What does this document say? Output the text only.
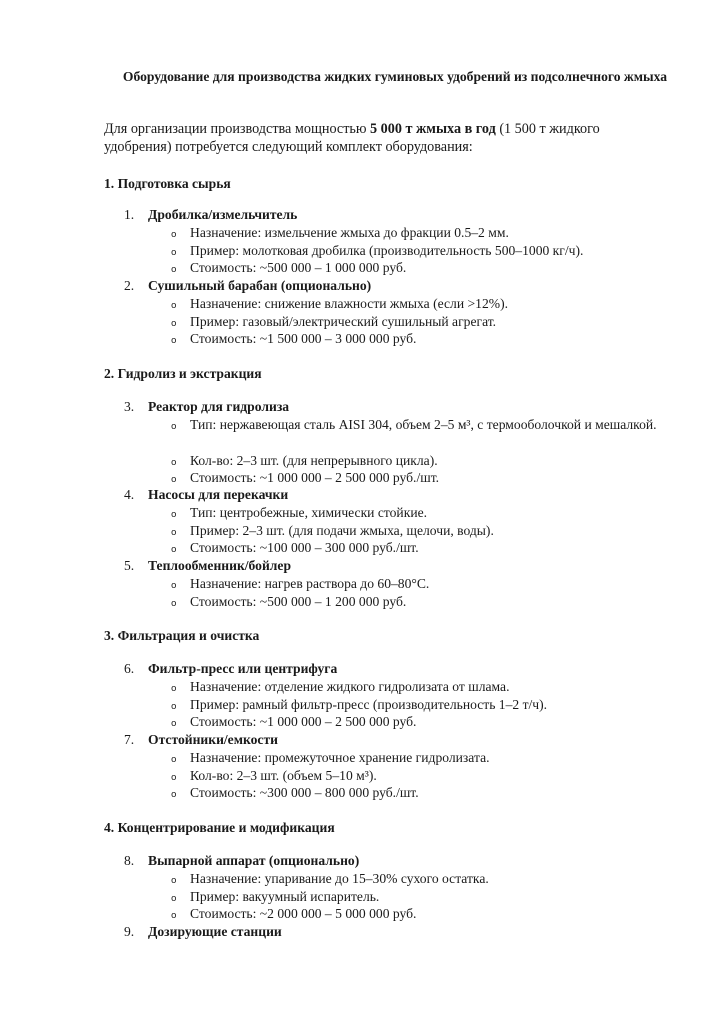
Оборудование для производства жидких гуминовых удобрений из подсолнечного жмыха
Для организации производства мощностью 5 000 т жмыха в год (1 500 т жидкого удобрения) потребуется следующий комплект оборудования:
1. Подготовка сырья
1. Дробилка/измельчитель
o Назначение: измельчение жмыха до фракции 0.5–2 мм.
o Пример: молотковая дробилка (производительность 500–1000 кг/ч).
o Стоимость: ~500 000 – 1 000 000 руб.
2. Сушильный барабан (опционально)
o Назначение: снижение влажности жмыха (если >12%).
o Пример: газовый/электрический сушильный агрегат.
o Стоимость: ~1 500 000 – 3 000 000 руб.
2. Гидролиз и экстракция
3. Реактор для гидролиза
o Тип: нержавеющая сталь AISI 304, объем 2–5 м³, с термооболочкой и мешалкой.
o Кол-во: 2–3 шт. (для непрерывного цикла).
o Стоимость: ~1 000 000 – 2 500 000 руб./шт.
4. Насосы для перекачки
o Тип: центробежные, химически стойкие.
o Пример: 2–3 шт. (для подачи жмыха, щелочи, воды).
o Стоимость: ~100 000 – 300 000 руб./шт.
5. Теплообменник/бойлер
o Назначение: нагрев раствора до 60–80°C.
o Стоимость: ~500 000 – 1 200 000 руб.
3. Фильтрация и очистка
6. Фильтр-пресс или центрифуга
o Назначение: отделение жидкого гидролизата от шлама.
o Пример: рамный фильтр-пресс (производительность 1–2 т/ч).
o Стоимость: ~1 000 000 – 2 500 000 руб.
7. Отстойники/емкости
o Назначение: промежуточное хранение гидролизата.
o Кол-во: 2–3 шт. (объем 5–10 м³).
o Стоимость: ~300 000 – 800 000 руб./шт.
4. Концентрирование и модификация
8. Выпарной аппарат (опционально)
o Назначение: упаривание до 15–30% сухого остатка.
o Пример: вакуумный испаритель.
o Стоимость: ~2 000 000 – 5 000 000 руб.
9. Дозирующие станции
